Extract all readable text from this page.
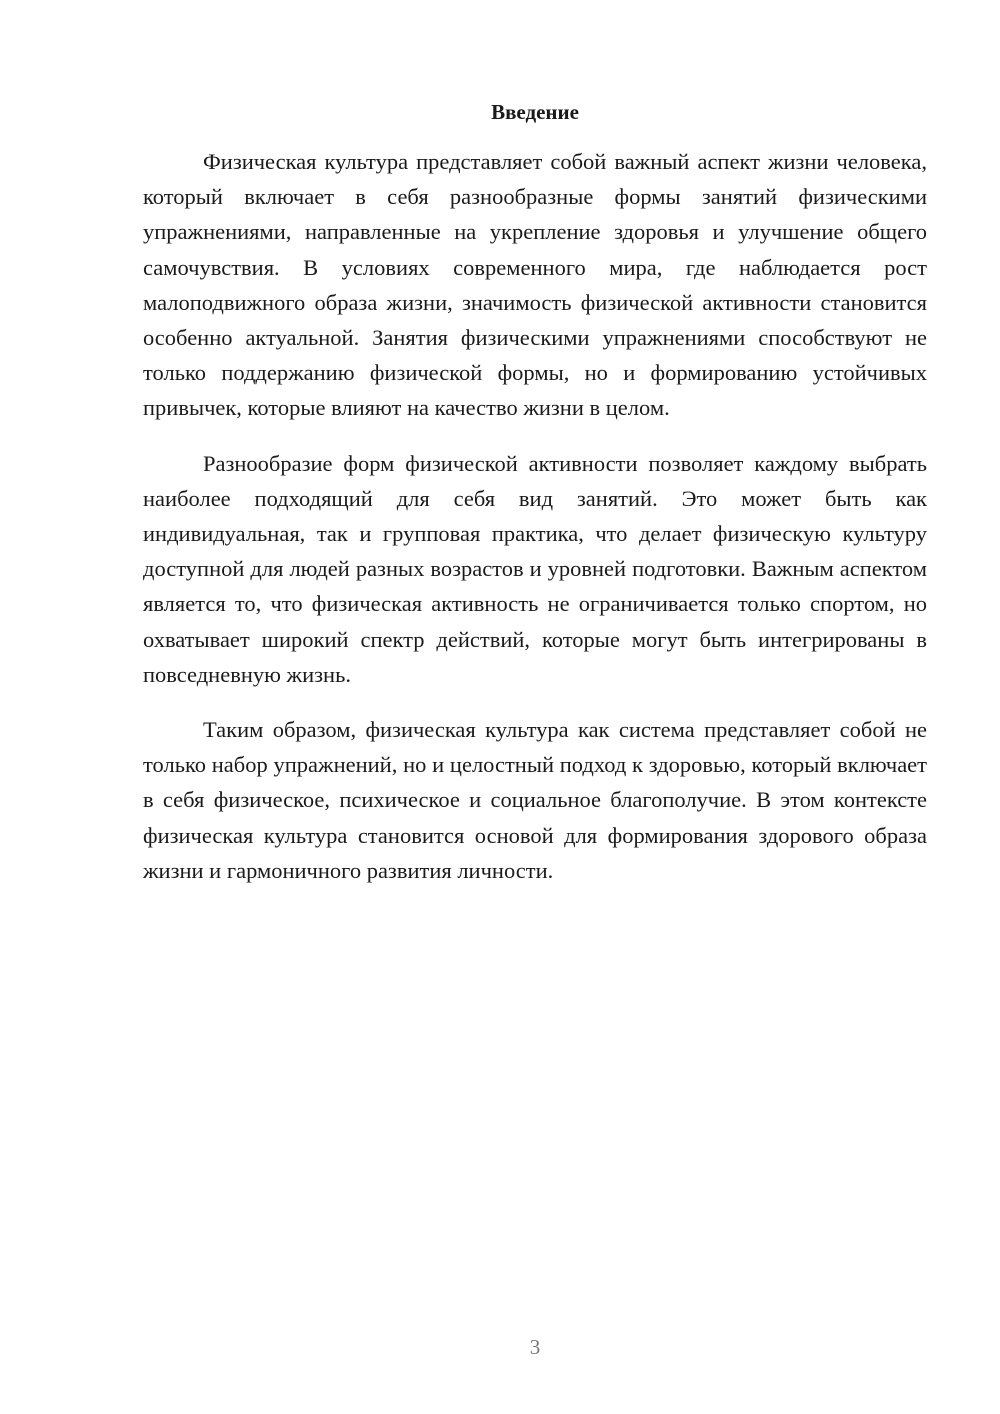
Введение

Физическая культура представляет собой важный аспект жизни человека, который включает в себя разнообразные формы занятий физическими упражнениями, направленные на укрепление здоровья и улучшение общего самочувствия. В условиях современного мира, где наблюдается рост малоподвижного образа жизни, значимость физической активности становится особенно актуальной. Занятия физическими упражнениями способствуют не только поддержанию физической формы, но и формированию устойчивых привычек, которые влияют на качество жизни в целом.

Разнообразие форм физической активности позволяет каждому выбрать наиболее подходящий для себя вид занятий. Это может быть как индивидуальная, так и групповая практика, что делает физическую культуру доступной для людей разных возрастов и уровней подготовки. Важным аспектом является то, что физическая активность не ограничивается только спортом, но охватывает широкий спектр действий, которые могут быть интегрированы в повседневную жизнь.

Таким образом, физическая культура как система представляет собой не только набор упражнений, но и целостный подход к здоровью, который включает в себя физическое, психическое и социальное благополучие. В этом контексте физическая культура становится основой для формирования здорового образа жизни и гармоничного развития личности.

3
